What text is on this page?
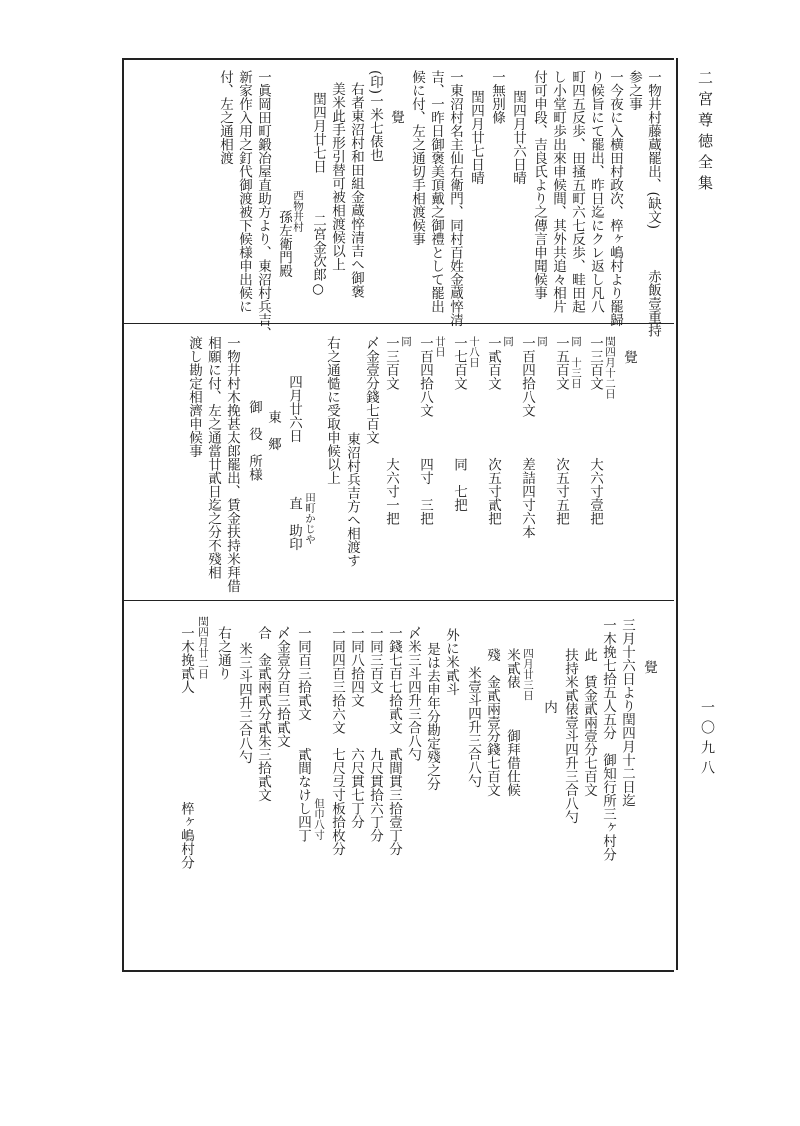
二宮尊徳全集
一〇九八
一物井村藤蔵罷出、(缺文)　　　赤飯壹重持
参之事
一今夜に入横田村政次、椊ヶ嶋村より罷歸
り候旨にて罷出、昨日迄にクレ返し凡八
町四五反歩、田掻五町六七反歩、畦田起
し小堂町歩出來申候間、其外共追々相片
付可申段、吉良氏より之傳言申聞候事
閏四月廿六日晴
一無別條
閏四月廿七日晴
一東沼村名主仙右衛門、同村百姓金蔵悴清
吉、一昨日御褒美頂戴之御禮として罷出
候に付、左之通切手相渡候事
覺
(印)一米七俵也
右者東沼村和田組金蔵悴清吉へ御褒
美米此手形引替可被相渡候以上
閏四月廿七日　　　二宮金次郎○
西物井村
孫左衛門殿
一眞岡田町鍛冶屋直助方より、東沼村兵吉、
新家作入用之釘代御渡被下候様申出候に
付、左之通相渡
覺
閏四月十二日
一三百文　　　　　大六寸壹把
同　十三日
一五百文　　　　　次五寸五把
同
一百四拾八文　　　差詰四寸六本
同
一貳百文　　　　　次五寸貳把
十八日
一七百文　　　　　同　七把
廿日
一百四拾八文　　　四寸　三把
同
一三百文　　　　　大六寸一把
〆金壹分錢七百文
東沼村兵吉方へ相渡す
右之通慥に受取申候以上
田町かじや
四月廿六日　　　　直　助印
東　郷
御　役　所様
一物井村木挽甚太郎罷出、賃金扶持米拜借
相願に付、左之通當廿貳日迄之分不殘相
渡し勘定相濟申候事
覺
三月十六日より閏四月十二日迄
一木挽七拾五人五分　御知行所三ヶ村分
此　賃金貳兩壹分七百文
扶持米貳俵壹斗四升三合八勺
内
四月廿三日
米貳俵　　　御拜借仕候
殘　金貳兩壹分錢七百文
米壹斗四升三合八勺
外に米貳斗
是は去申年分勘定殘之分
〆米三斗四升三合八勺
一錢七百七拾貳文　貳間貫三拾壹丁分
一同三百文　　　　九尺貫拾六丁分
一同八拾四文　　　六尺貫七丁分
一同四百三拾六文　七尺弖寸板拾枚分
但巾八寸
一同百三拾貳文　　貳間なけし四丁
〆金壹分百三拾貳文
合　金貳兩貳分貳朱三拾貳文
米三斗四升三合八勺
右之通り
閏四月廿二日
一木挽貳人　　　　　　　　椊ヶ嶋村分
